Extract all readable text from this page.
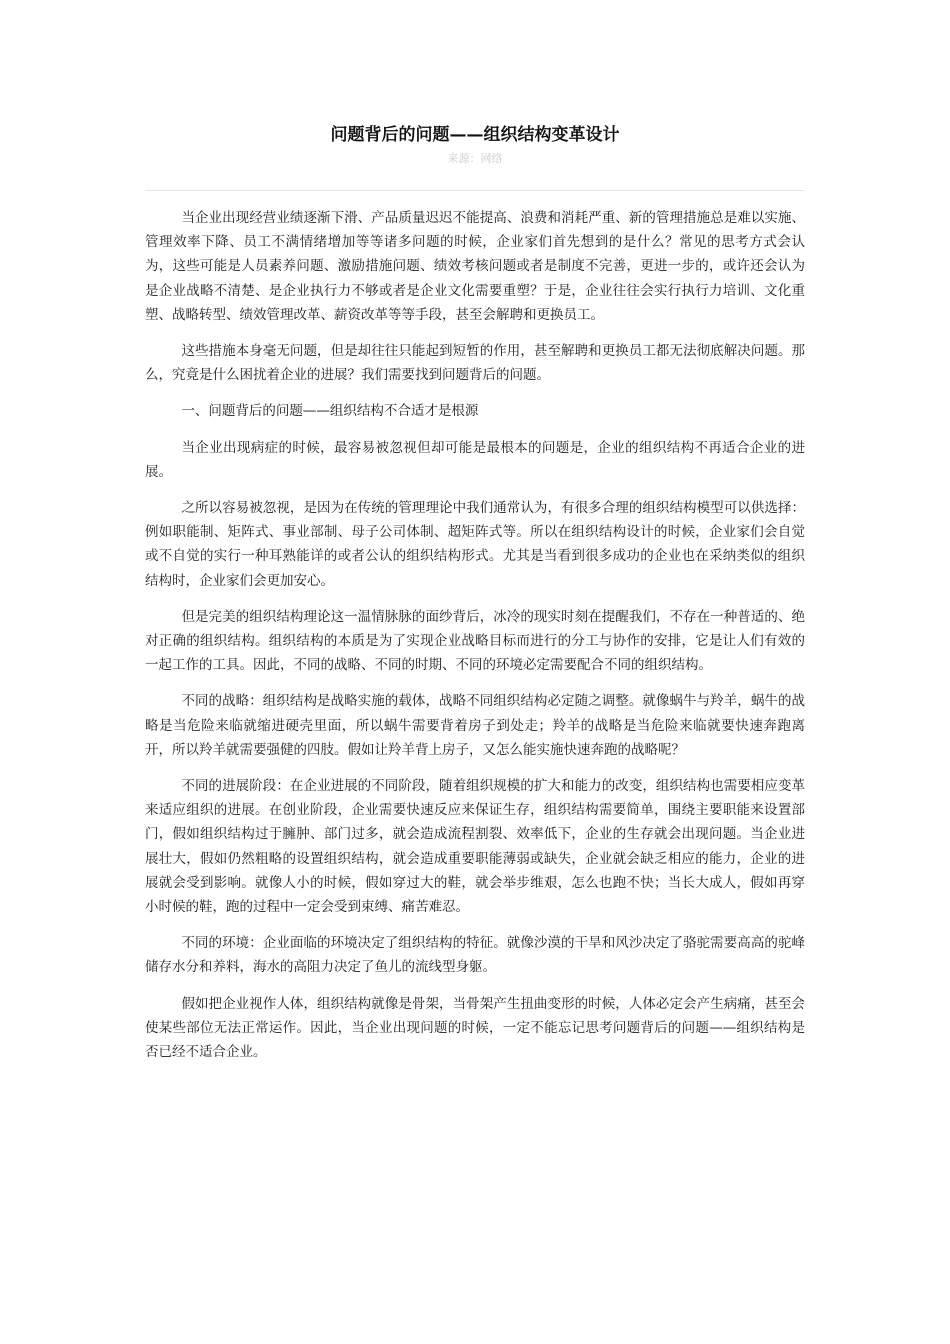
问题背后的问题——组织结构变革设计
来源：网络

当企业出现经营业绩逐渐下滑、产品质量迟迟不能提高、浪费和消耗严重、新的管理措施总是难以实施、管理效率下降、员工不满情绪增加等等诸多问题的时候，企业家们首先想到的是什么？常见的思考方式会认为，这些可能是人员素养问题、激励措施问题、绩效考核问题或者是制度不完善，更进一步的，或许还会认为是企业战略不清楚、是企业执行力不够或者是企业文化需要重塑？于是，企业往往会实行执行力培训、文化重塑、战略转型、绩效管理改革、薪资改革等等手段，甚至会解聘和更换员工。

这些措施本身毫无问题，但是却往往只能起到短暂的作用，甚至解聘和更换员工都无法彻底解决问题。那么，究竟是什么困扰着企业的进展？我们需要找到问题背后的问题。

一、问题背后的问题——组织结构不合适才是根源

当企业出现病症的时候，最容易被忽视但却可能是最根本的问题是，企业的组织结构不再适合企业的进展。

之所以容易被忽视，是因为在传统的管理理论中我们通常认为，有很多合理的组织结构模型可以供选择：例如职能制、矩阵式、事业部制、母子公司体制、超矩阵式等。所以在组织结构设计的时候，企业家们会自觉或不自觉的实行一种耳熟能详的或者公认的组织结构形式。尤其是当看到很多成功的企业也在采纳类似的组织结构时，企业家们会更加安心。

但是完美的组织结构理论这一温情脉脉的面纱背后，冰冷的现实时刻在提醒我们，不存在一种普适的、绝对正确的组织结构。组织结构的本质是为了实现企业战略目标而进行的分工与协作的安排，它是让人们有效的一起工作的工具。因此，不同的战略、不同的时期、不同的环境必定需要配合不同的组织结构。

不同的战略：组织结构是战略实施的载体，战略不同组织结构必定随之调整。就像蜗牛与羚羊，蜗牛的战略是当危险来临就缩进硬壳里面，所以蜗牛需要背着房子到处走；羚羊的战略是当危险来临就要快速奔跑离开，所以羚羊就需要强健的四肢。假如让羚羊背上房子，又怎么能实施快速奔跑的战略呢？

不同的进展阶段：在企业进展的不同阶段，随着组织规模的扩大和能力的改变，组织结构也需要相应变革来适应组织的进展。在创业阶段，企业需要快速反应来保证生存，组织结构需要简单，围绕主要职能来设置部门，假如组织结构过于臃肿、部门过多，就会造成流程割裂、效率低下，企业的生存就会出现问题。当企业进展壮大，假如仍然粗略的设置组织结构，就会造成重要职能薄弱或缺失，企业就会缺乏相应的能力，企业的进展就会受到影响。就像人小的时候，假如穿过大的鞋，就会举步维艰，怎么也跑不快；当长大成人，假如再穿小时候的鞋，跑的过程中一定会受到束缚、痛苦难忍。

不同的环境：企业面临的环境决定了组织结构的特征。就像沙漠的干旱和风沙决定了骆驼需要高高的驼峰储存水分和养料，海水的高阻力决定了鱼儿的流线型身躯。

假如把企业视作人体，组织结构就像是骨架，当骨架产生扭曲变形的时候，人体必定会产生病痛，甚至会使某些部位无法正常运作。因此，当企业出现问题的时候，一定不能忘记思考问题背后的问题——组织结构是否已经不适合企业。
